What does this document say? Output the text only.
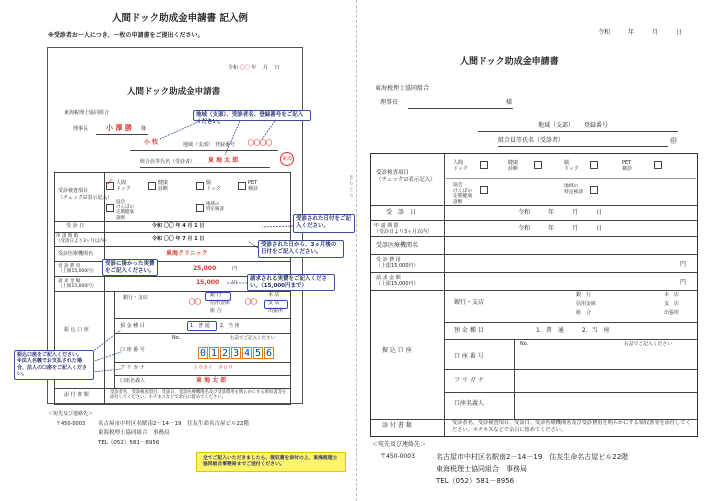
人間ドック助成金申請書 記入例
※受診者お一人につき、一枚の申請書をご提出ください。
令和 〇〇 年　 月　 日
人間ドック助成金申請書
東海税理士協同組合
理事長	小 澤 勝 様
小 牧	地域（支部） 登録番号 〇〇〇〇
組合員等氏名（受診者） 東 海 太 郎	東海
地域（支部）、受診者名、登録番号をご記入ください。
受診検査項目
（チェック☑表示記入）
✓ 人間
ドック
健康
診断
脳
ドック
PET
検診
協会
けんぽの
定期健康
診断
地域の
特定検診
受 診 日	令和 〇〇 年 4 月 1 日
申 請 期 限
（受診日より3ヶ月以内）	令和 〇〇 年 7 月 1 日
受診医療機関名	東海クリニック
受 診 費 用
（上限15,000円）	25,000	円
請 求 金 額
（上限15,000円）
15,000	円
振 込 口 座
銀行・支店
〇〇
銀 行
信用金庫
組 合
〇〇
本 店
支 店
出張所
預 金 種 目	1．普 通　　2．当 座
口 座 番 号
No.	右詰でご記入ください
0 1 2 3 4 5 6
フ リ ガ ナ	トウカイ　タロウ
口座名義人	東 海 太 郎
添 付 書 類	受診者名、受診検査項目、受診日、受診医療機関名及び受診費用を明らかにする領収書等を添付してください。ホチキスなどで余白に留めてください。
受診された日付をご記入ください。
受診された日から、3ヵ月後の日付をご記入ください。
受診に掛かった実費をご記入ください。
請求される実費をご記入ください。（15,000円まで）
振込口座をご記入ください。
※法人名義でお支払された場合、法人の口座をご記入ください。
＜宛先及び連絡先＞
〒450-0003 名古屋市中村区名駅南2－14－19　住友生命名古屋ビル22階
東海税理士協同組合　事務局
TEL（052）581－8956
全てご記入いただきましたら、領収書を添付の上、東海税理士協同組合事務局までご送付ください。
き
り
と
り
令和　　　年　　　月　　　日
人間ドック助成金申請書
東海税理士協同組合
理事長	様
地域（支部） 登録番号
組合員等氏名（受診者）	㊞
受診検査項目
（チェック☑表示記入）
人間
ドック
健康
診断
脳
ドック
PET
検診
協会
けんぽの
定期健康
診断
地域の
特定検診
受　診　日	令和　　　年　　　月　　　日
申 請 期 限
（受診日より3ヶ月以内）	令和　　　年　　　月　　　日
受診医療機関名
受 診 費 用
（上限15,000円）	円
請 求 金 額
（上限15,000円）	円
振 込 口 座
銀行・支店
銀　行
信用金庫
組　合
本　店
支　店
出張所
預 金 種 目	1．普　通　　　2．当　座
口 座 番 号
No.	右詰でご記入ください
フ リ ガ ナ
口座名義人
添 付 書 類	受診者名、受診検査項目、受診日、受診医療機関名及び受診費用を明らかにする領収書等を添付してください。ホチキスなどで余白に留めてください。
＜宛先及び連絡先＞
〒450-0003	名古屋市中村区名駅南2－14－19　住友生命名古屋ビル22階
東海税理士協同組合　事務局
TEL（052）581－8956
